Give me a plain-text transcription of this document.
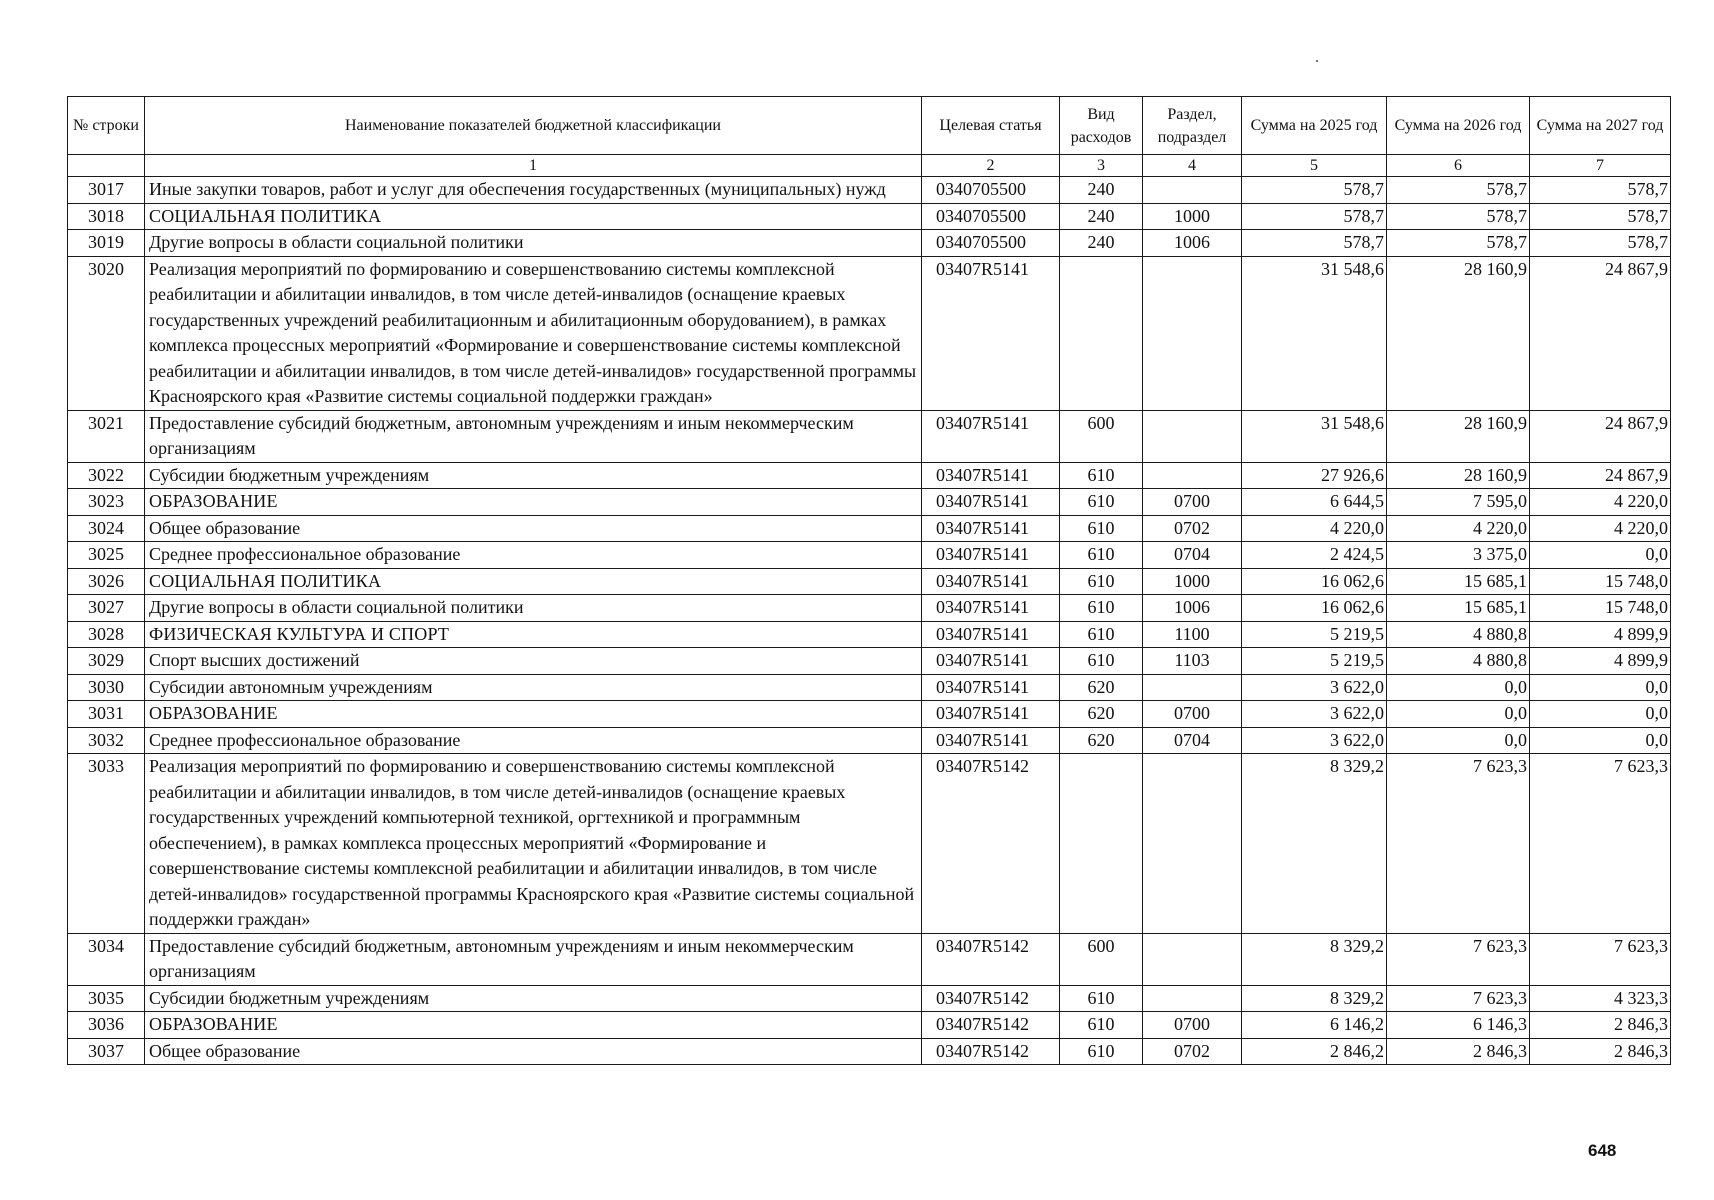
№ строки	Наименование показателей бюджетной классификации	Целевая статья	Вид расходов	Раздел, подраздел	Сумма на 2025 год	Сумма на 2026 год	Сумма на 2027 год
	1	2	3	4	5	6	7
3017	Иные закупки товаров, работ и услуг для обеспечения государственных (муниципальных) нужд	0340705500	240		578,7	578,7	578,7
3018	СОЦИАЛЬНАЯ ПОЛИТИКА	0340705500	240	1000	578,7	578,7	578,7
3019	Другие вопросы в области социальной политики	0340705500	240	1006	578,7	578,7	578,7
3020	Реализация мероприятий по формированию и совершенствованию системы комплексной реабилитации и абилитации инвалидов, в том числе детей-инвалидов (оснащение краевых государственных учреждений реабилитационным и абилитационным оборудованием), в рамках комплекса процессных мероприятий «Формирование и совершенствование системы комплексной реабилитации и абилитации инвалидов, в том числе детей-инвалидов» государственной программы Красноярского края «Развитие системы социальной поддержки граждан»	03407R5141			31 548,6	28 160,9	24 867,9
3021	Предоставление субсидий бюджетным, автономным учреждениям и иным некоммерческим организациям	03407R5141	600		31 548,6	28 160,9	24 867,9
3022	Субсидии бюджетным учреждениям	03407R5141	610		27 926,6	28 160,9	24 867,9
3023	ОБРАЗОВАНИЕ	03407R5141	610	0700	6 644,5	7 595,0	4 220,0
3024	Общее образование	03407R5141	610	0702	4 220,0	4 220,0	4 220,0
3025	Среднее профессиональное образование	03407R5141	610	0704	2 424,5	3 375,0	0,0
3026	СОЦИАЛЬНАЯ ПОЛИТИКА	03407R5141	610	1000	16 062,6	15 685,1	15 748,0
3027	Другие вопросы в области социальной политики	03407R5141	610	1006	16 062,6	15 685,1	15 748,0
3028	ФИЗИЧЕСКАЯ КУЛЬТУРА И СПОРТ	03407R5141	610	1100	5 219,5	4 880,8	4 899,9
3029	Спорт высших достижений	03407R5141	610	1103	5 219,5	4 880,8	4 899,9
3030	Субсидии автономным учреждениям	03407R5141	620		3 622,0	0,0	0,0
3031	ОБРАЗОВАНИЕ	03407R5141	620	0700	3 622,0	0,0	0,0
3032	Среднее профессиональное образование	03407R5141	620	0704	3 622,0	0,0	0,0
3033	Реализация мероприятий по формированию и совершенствованию системы комплексной реабилитации и абилитации инвалидов, в том числе детей-инвалидов (оснащение краевых государственных учреждений компьютерной техникой, оргтехникой и программным обеспечением), в рамках комплекса процессных мероприятий «Формирование и совершенствование системы комплексной реабилитации и абилитации инвалидов, в том числе детей-инвалидов» государственной программы Красноярского края «Развитие системы социальной поддержки граждан»	03407R5142			8 329,2	7 623,3	7 623,3
3034	Предоставление субсидий бюджетным, автономным учреждениям и иным некоммерческим организациям	03407R5142	600		8 329,2	7 623,3	7 623,3
3035	Субсидии бюджетным учреждениям	03407R5142	610		8 329,2	7 623,3	4 323,3
3036	ОБРАЗОВАНИЕ	03407R5142	610	0700	6 146,2	6 146,3	2 846,3
3037	Общее образование	03407R5142	610	0702	2 846,2	2 846,3	2 846,3
648
